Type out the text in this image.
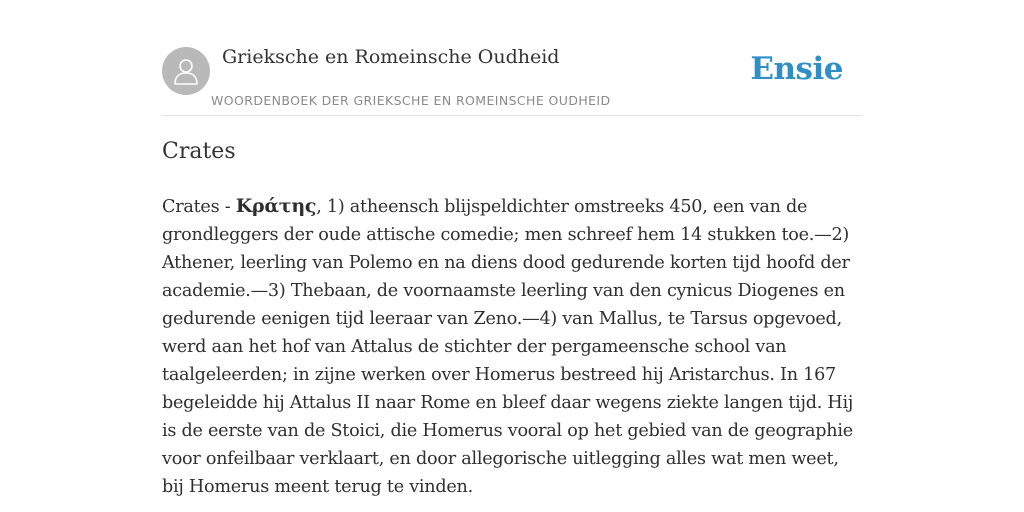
Grieksche en Romeinsche Oudheid
WOORDENBOEK DER GRIEKSCHE EN ROMEINSCHE OUDHEID
Ensie
Crates

Crates - Κράτης, 1) atheensch blijspeldichter omstreeks 450, een van de grondleggers der oude attische comedie; men schreef hem 14 stukken toe.—2) Athener, leerling van Polemo en na diens dood gedurende korten tijd hoofd der academie.—3) Thebaan, de voornaamste leerling van den cynicus Diogenes en gedurende eenigen tijd leeraar van Zeno.—4) van Mallus, te Tarsus opgevoed, werd aan het hof van Attalus de stichter der pergameensche school van taalgeleerden; in zijne werken over Homerus bestreed hij Aristarchus. In 167 begeleidde hij Attalus II naar Rome en bleef daar wegens ziekte langen tijd. Hij is de eerste van de Stoici, die Homerus vooral op het gebied van de geographie voor onfeilbaar verklaart, en door allegorische uitlegging alles wat men weet, bij Homerus meent terug te vinden.
